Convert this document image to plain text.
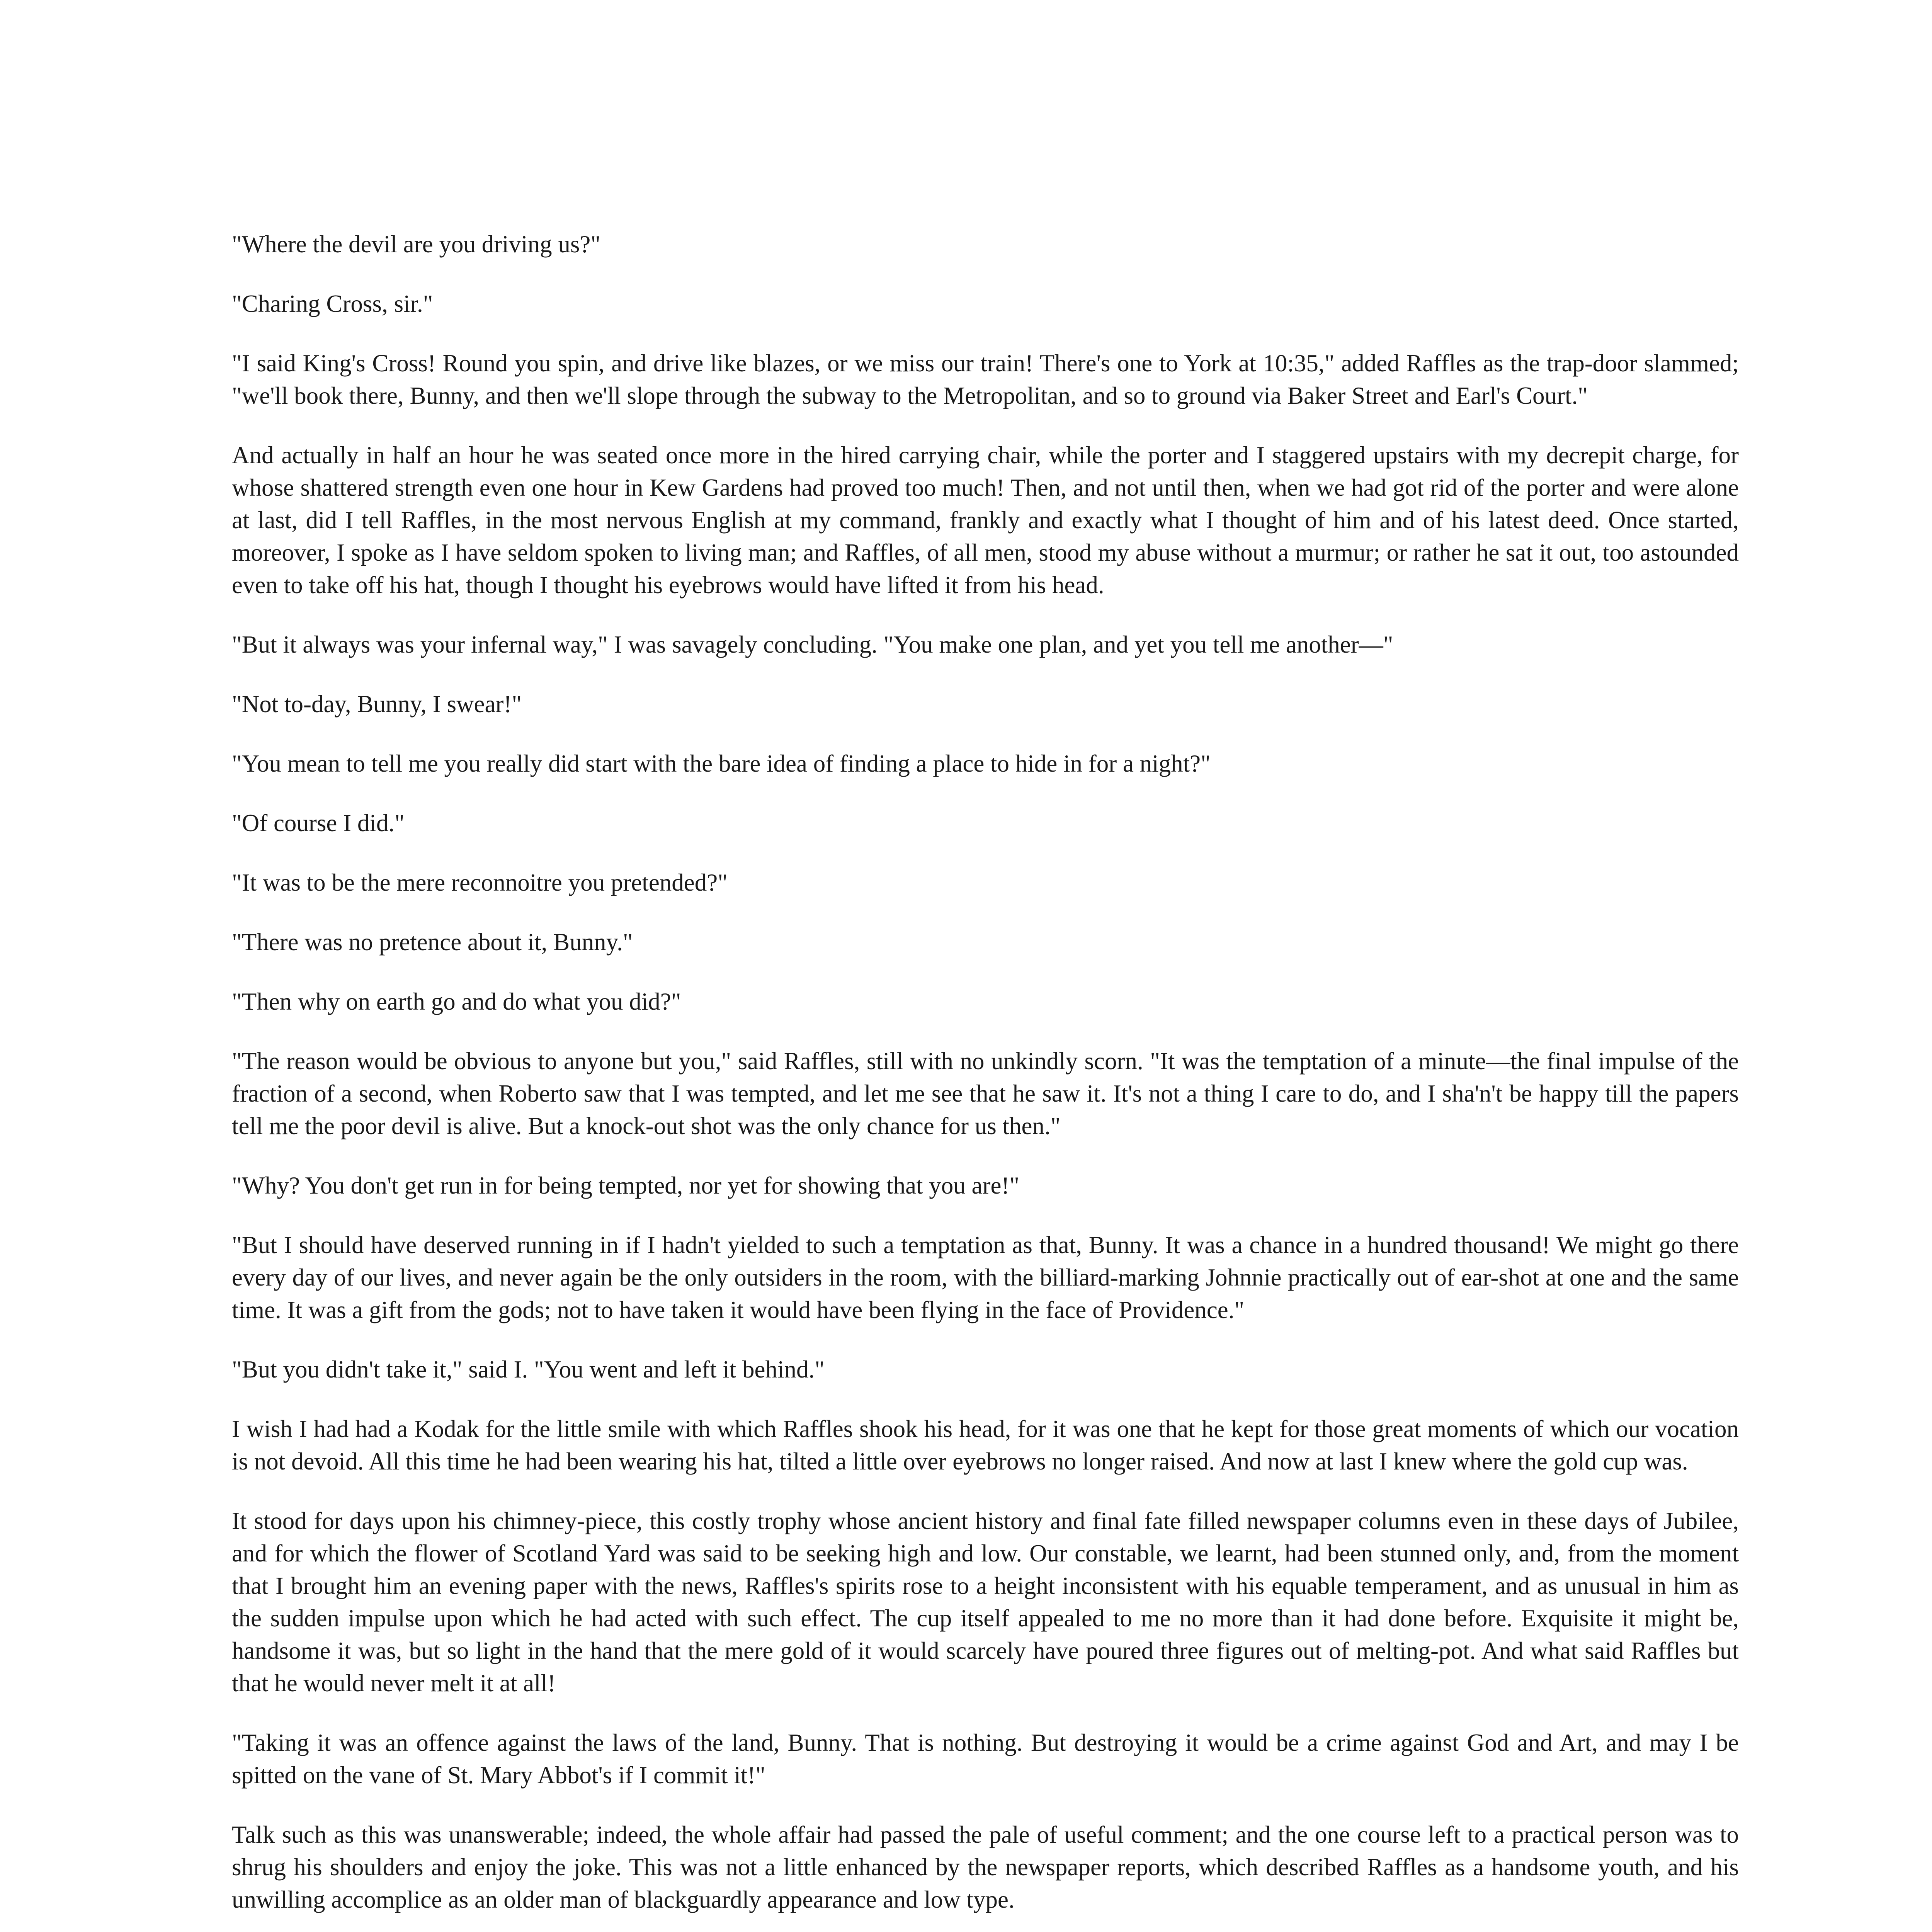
"Where the devil are you driving us?"

"Charing Cross, sir."

"I said King's Cross! Round you spin, and drive like blazes, or we miss our train! There's one to York at 10:35," added Raffles as the trap-door slammed; "we'll book there, Bunny, and then we'll slope through the subway to the Metropolitan, and so to ground via Baker Street and Earl's Court."

And actually in half an hour he was seated once more in the hired carrying chair, while the porter and I staggered upstairs with my decrepit charge, for whose shattered strength even one hour in Kew Gardens had proved too much! Then, and not until then, when we had got rid of the porter and were alone at last, did I tell Raffles, in the most nervous English at my command, frankly and exactly what I thought of him and of his latest deed. Once started, moreover, I spoke as I have seldom spoken to living man; and Raffles, of all men, stood my abuse without a murmur; or rather he sat it out, too astounded even to take off his hat, though I thought his eyebrows would have lifted it from his head.

"But it always was your infernal way," I was savagely concluding. "You make one plan, and yet you tell me another—"

"Not to-day, Bunny, I swear!"

"You mean to tell me you really did start with the bare idea of finding a place to hide in for a night?"

"Of course I did."

"It was to be the mere reconnoitre you pretended?"

"There was no pretence about it, Bunny."

"Then why on earth go and do what you did?"

"The reason would be obvious to anyone but you," said Raffles, still with no unkindly scorn. "It was the temptation of a minute—the final impulse of the fraction of a second, when Roberto saw that I was tempted, and let me see that he saw it. It's not a thing I care to do, and I sha'n't be happy till the papers tell me the poor devil is alive. But a knock-out shot was the only chance for us then."

"Why? You don't get run in for being tempted, nor yet for showing that you are!"

"But I should have deserved running in if I hadn't yielded to such a temptation as that, Bunny. It was a chance in a hundred thousand! We might go there every day of our lives, and never again be the only outsiders in the room, with the billiard-marking Johnnie practically out of ear-shot at one and the same time. It was a gift from the gods; not to have taken it would have been flying in the face of Providence."

"But you didn't take it," said I. "You went and left it behind."

I wish I had had a Kodak for the little smile with which Raffles shook his head, for it was one that he kept for those great moments of which our vocation is not devoid. All this time he had been wearing his hat, tilted a little over eyebrows no longer raised. And now at last I knew where the gold cup was.

It stood for days upon his chimney-piece, this costly trophy whose ancient history and final fate filled newspaper columns even in these days of Jubilee, and for which the flower of Scotland Yard was said to be seeking high and low. Our constable, we learnt, had been stunned only, and, from the moment that I brought him an evening paper with the news, Raffles's spirits rose to a height inconsistent with his equable temperament, and as unusual in him as the sudden impulse upon which he had acted with such effect. The cup itself appealed to me no more than it had done before. Exquisite it might be, handsome it was, but so light in the hand that the mere gold of it would scarcely have poured three figures out of melting-pot. And what said Raffles but that he would never melt it at all!

"Taking it was an offence against the laws of the land, Bunny. That is nothing. But destroying it would be a crime against God and Art, and may I be spitted on the vane of St. Mary Abbot's if I commit it!"

Talk such as this was unanswerable; indeed, the whole affair had passed the pale of useful comment; and the one course left to a practical person was to shrug his shoulders and enjoy the joke. This was not a little enhanced by the newspaper reports, which described Raffles as a handsome youth, and his unwilling accomplice as an older man of blackguardly appearance and low type.
